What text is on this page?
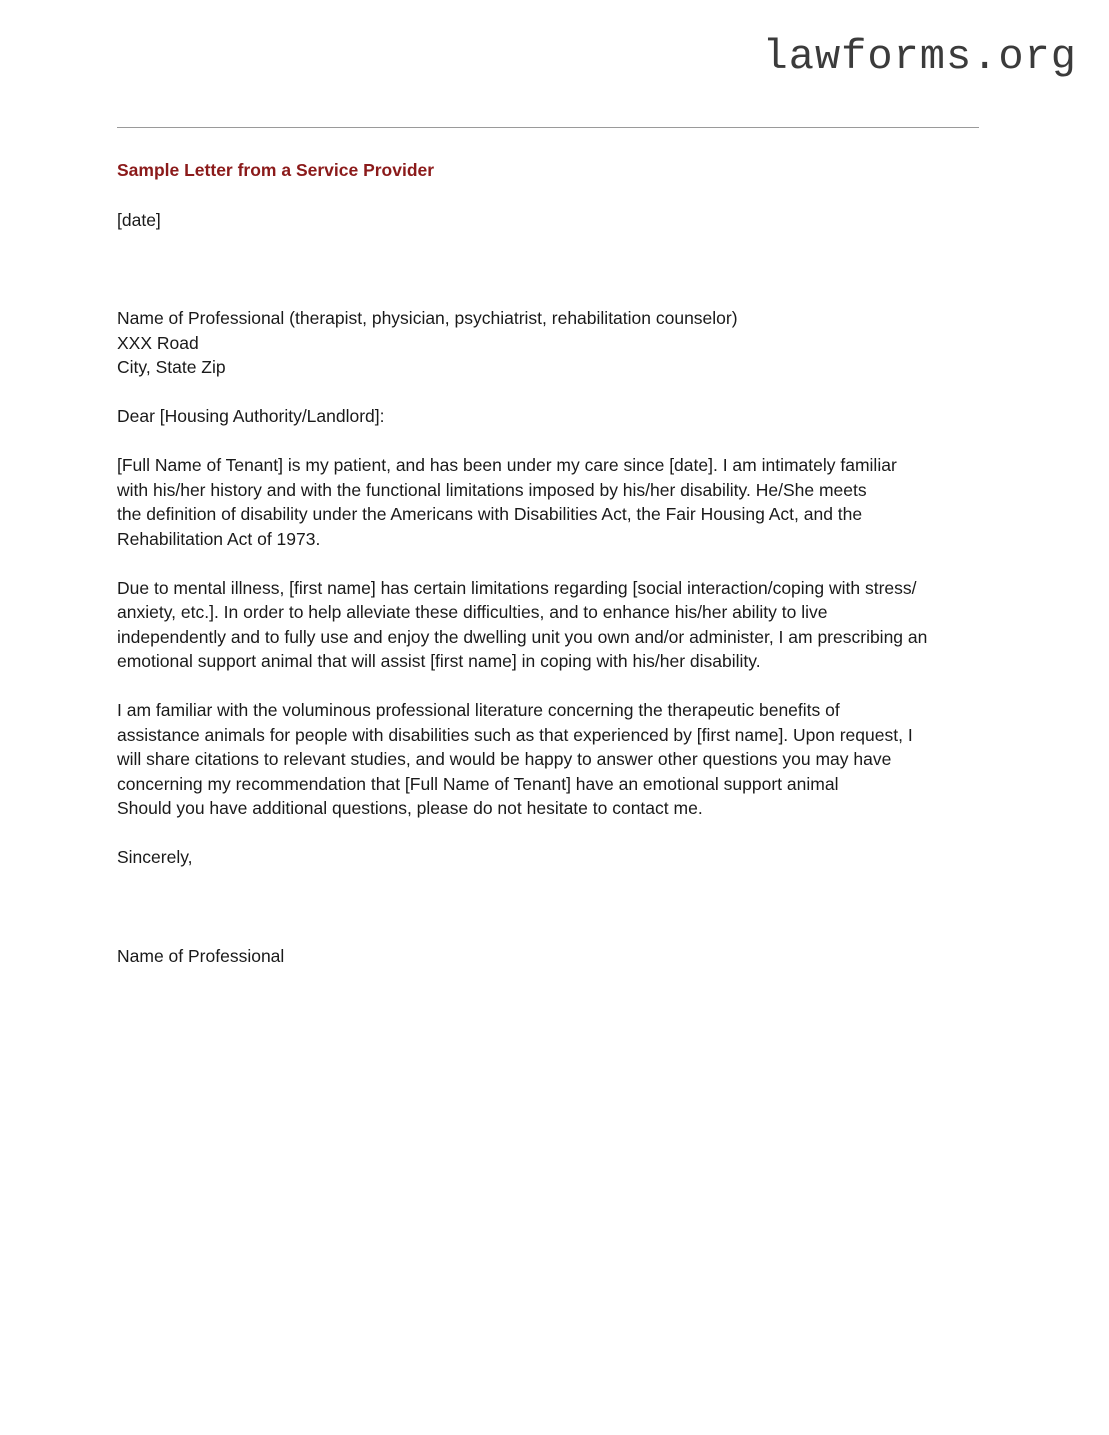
lawforms.org

Sample Letter from a Service Provider

[date]

Name of Professional (therapist, physician, psychiatrist, rehabilitation counselor)
XXX Road
City, State Zip

Dear [Housing Authority/Landlord]:

[Full Name of Tenant] is my patient, and has been under my care since [date]. I am intimately familiar
with his/her history and with the functional limitations imposed by his/her disability. He/She meets
the definition of disability under the Americans with Disabilities Act, the Fair Housing Act, and the
Rehabilitation Act of 1973.
Due to mental illness, [first name] has certain limitations regarding [social interaction/coping with stress/
anxiety, etc.]. In order to help alleviate these difficulties, and to enhance his/her ability to live
independently and to fully use and enjoy the dwelling unit you own and/or administer, I am prescribing an
emotional support animal that will assist [first name] in coping with his/her disability.
I am familiar with the voluminous professional literature concerning the therapeutic benefits of
assistance animals for people with disabilities such as that experienced by [first name]. Upon request, I
will share citations to relevant studies, and would be happy to answer other questions you may have
concerning my recommendation that [Full Name of Tenant] have an emotional support animal
Should you have additional questions, please do not hesitate to contact me.

Sincerely,

Name of Professional
